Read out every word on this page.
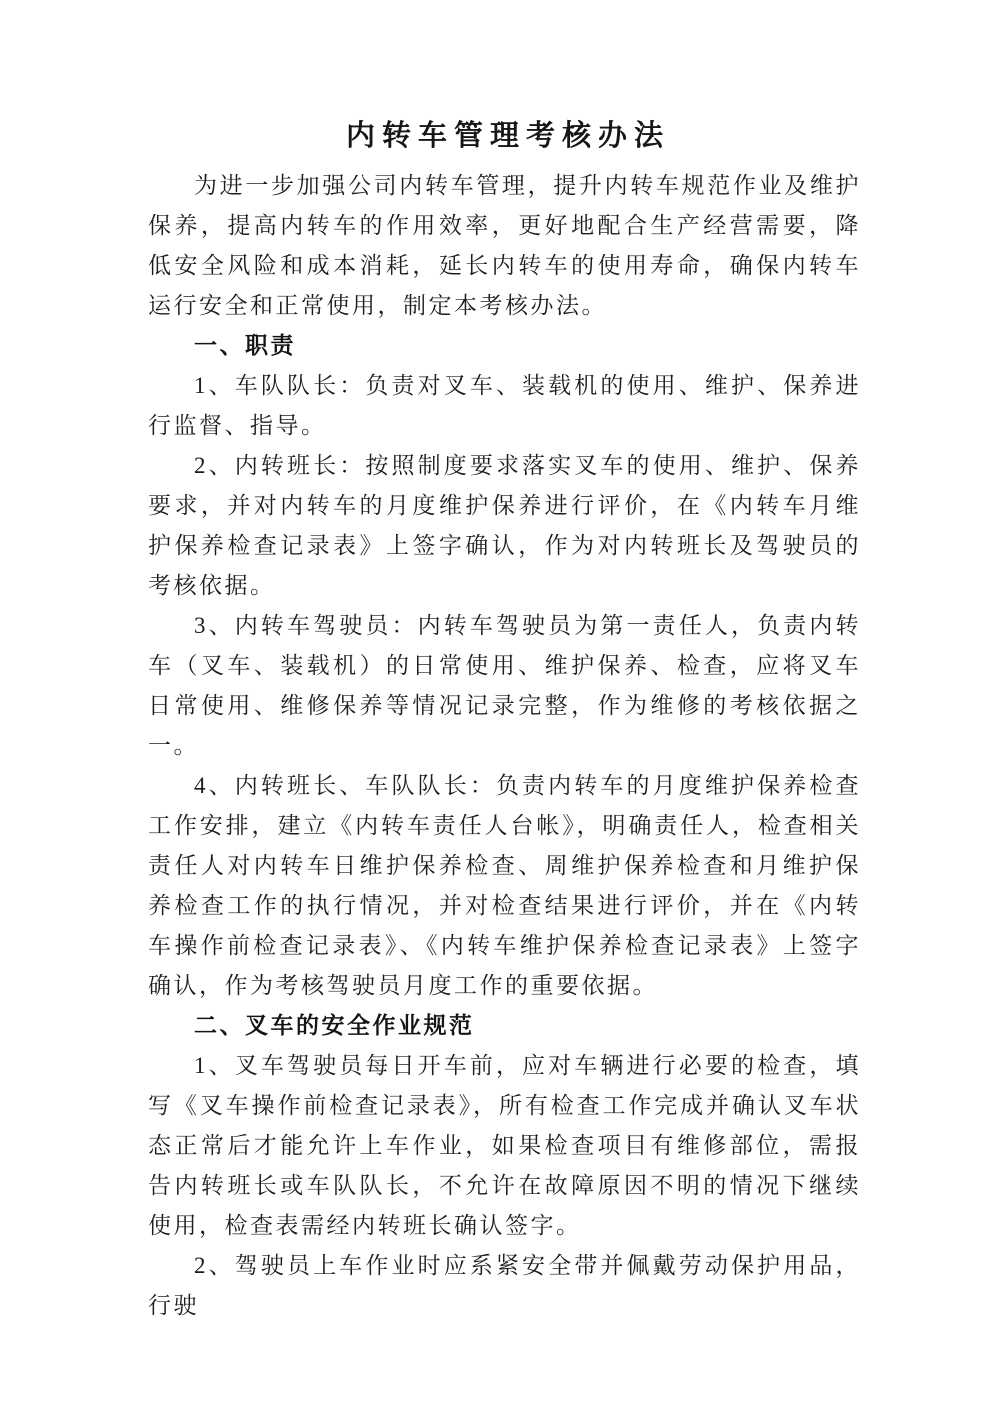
内转车管理考核办法

为进一步加强公司内转车管理，提升内转车规范作业及维护保养，提高内转车的作用效率，更好地配合生产经营需要，降低安全风险和成本消耗，延长内转车的使用寿命，确保内转车运行安全和正常使用，制定本考核办法。

一、职责

1、车队队长：负责对叉车、装载机的使用、维护、保养进行监督、指导。

2、内转班长：按照制度要求落实叉车的使用、维护、保养要求，并对内转车的月度维护保养进行评价，在《内转车月维护保养检查记录表》上签字确认，作为对内转班长及驾驶员的考核依据。

3、内转车驾驶员：内转车驾驶员为第一责任人，负责内转车（叉车、装载机）的日常使用、维护保养、检查，应将叉车日常使用、维修保养等情况记录完整，作为维修的考核依据之一。

4、内转班长、车队队长：负责内转车的月度维护保养检查工作安排，建立《内转车责任人台帐》，明确责任人，检查相关责任人对内转车日维护保养检查、周维护保养检查和月维护保养检查工作的执行情况，并对检查结果进行评价，并在《内转车操作前检查记录表》、《内转车维护保养检查记录表》上签字确认，作为考核驾驶员月度工作的重要依据。

二、叉车的安全作业规范

1、叉车驾驶员每日开车前，应对车辆进行必要的检查，填写《叉车操作前检查记录表》，所有检查工作完成并确认叉车状态正常后才能允许上车作业，如果检查项目有维修部位，需报告内转班长或车队队长，不允许在故障原因不明的情况下继续使用，检查表需经内转班长确认签字。

2、驾驶员上车作业时应系紧安全带并佩戴劳动保护用品，行驶
